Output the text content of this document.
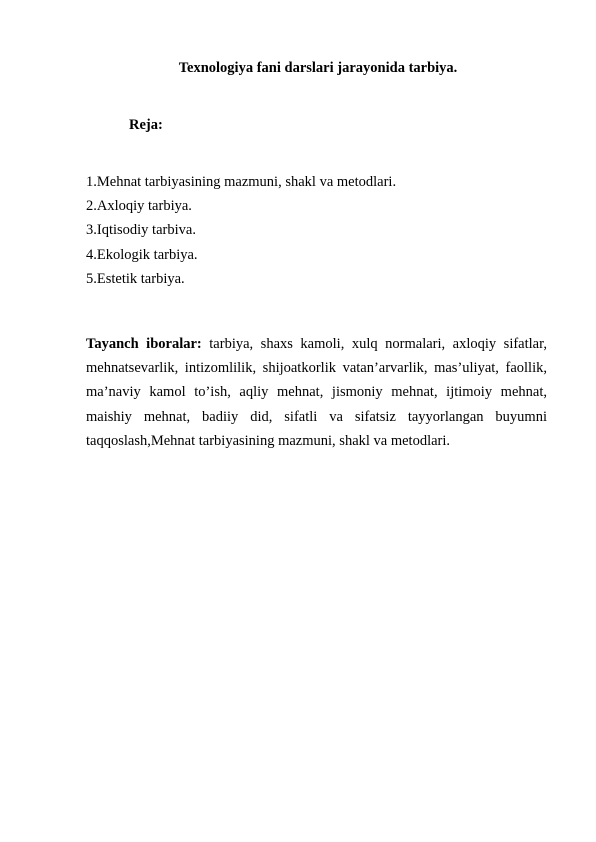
Texnologiya fani darslari jarayonida tarbiya.
Reja:
1.Mehnat tarbiyasining mazmuni, shakl va metodlari.
2.Axloqiy tarbiya.
3.Iqtisodiy tarbiva.
4.Ekologik tarbiya.
5.Estetik tarbiya.

Tayanch iboralar: tarbiya, shaxs kamoli, xulq normalari, axloqiy sifatlar, mehnatsevarlik, intizomlilik, shijoatkorlik vatan’arvarlik, mas’uliyat, faollik, ma’naviy kamol to’ish, aqliy mehnat, jismoniy mehnat, ijtimoiy mehnat, maishiy mehnat, badiiy did, sifatli va sifatsiz tayyorlangan buyumni taqqoslash,Mehnat tarbiyasining mazmuni, shakl va metodlari.
